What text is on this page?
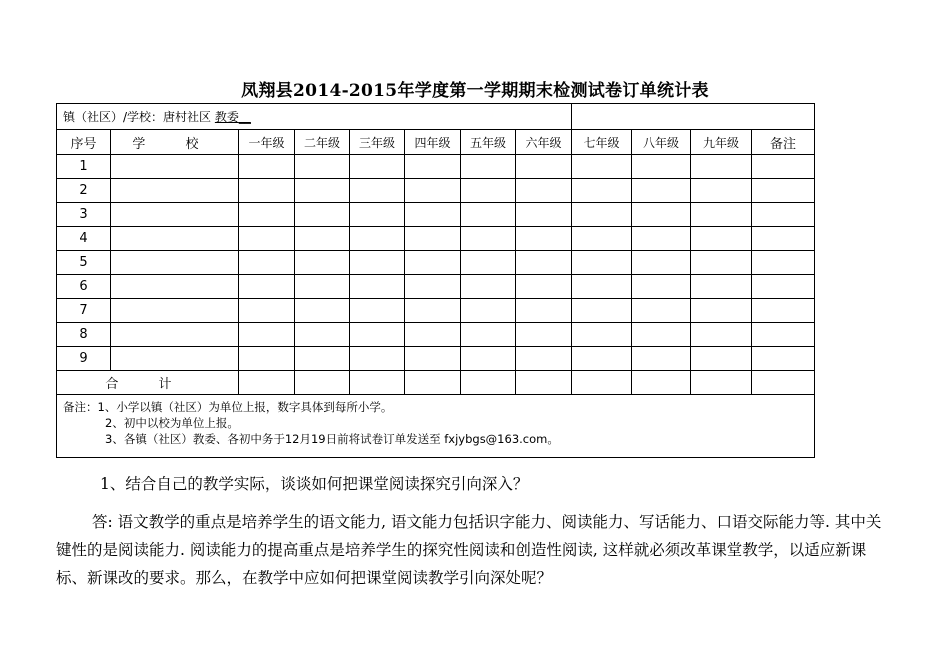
凤翔县2014-2015年学度第一学期期末检测试卷订单统计表
镇（社区）/学校：唐村社区 教委__											
序号	学 校	一年级	二年级	三年级	四年级	五年级	六年级	七年级	八年级	九年级	备注
1											
2											
3											
4											
5											
6											
7											
8											
9											
合 计											

备注：1、小学以镇（社区）为单位上报，数字具体到每所小学。
2、初中以校为单位上报。
3、各镇（社区）教委、各初中务于12月19日前将试卷订单发送至 fxjybgs@163.com。											
1、结合自己的教学实际，谈谈如何把课堂阅读探究引向深入？
答: 语文教学的重点是培养学生的语文能力, 语文能力包括识字能力、阅读能力、写话能力、口语交际能力等. 其中关键性的是阅读能力. 阅读能力的提高重点是培养学生的探究性阅读和创造性阅读, 这样就必须改革课堂教学，以适应新课标、新课改的要求。那么，在教学中应如何把课堂阅读教学引向深处呢？
